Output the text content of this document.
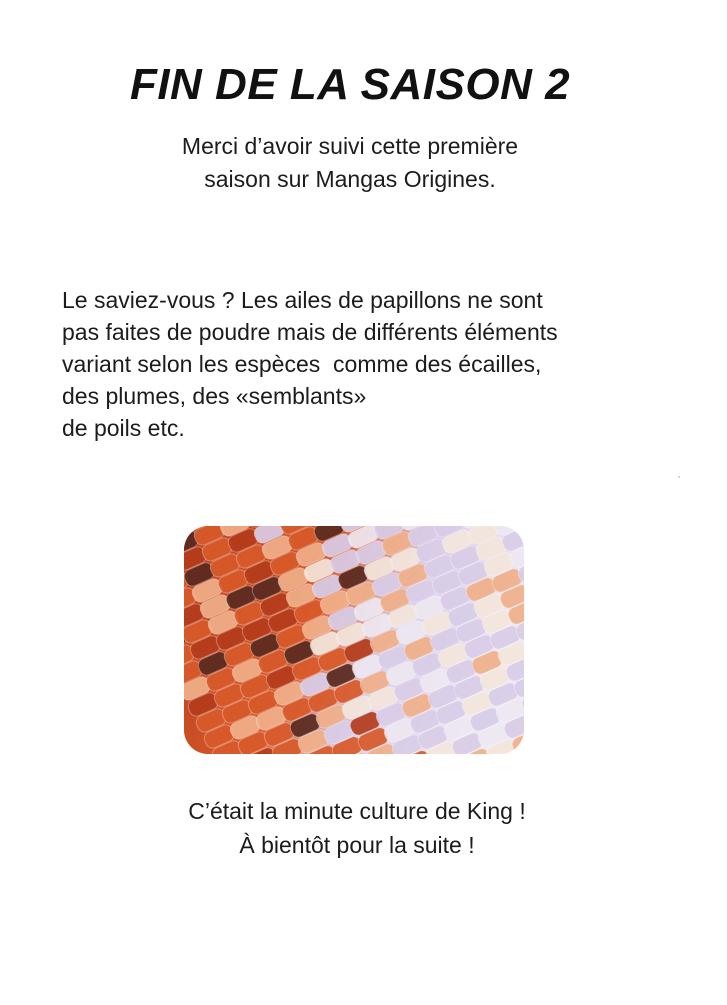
FIN DE LA SAISON 2
Merci d’avoir suivi cette première
saison sur Mangas Origines.
Le saviez-vous ? Les ailes de papillons ne sont
pas faites de poudre mais de différents éléments
variant selon les espèces  comme des écailles,
des plumes, des «semblants»
de poils etc.
C’était la minute culture de King !
À bientôt pour la suite !
